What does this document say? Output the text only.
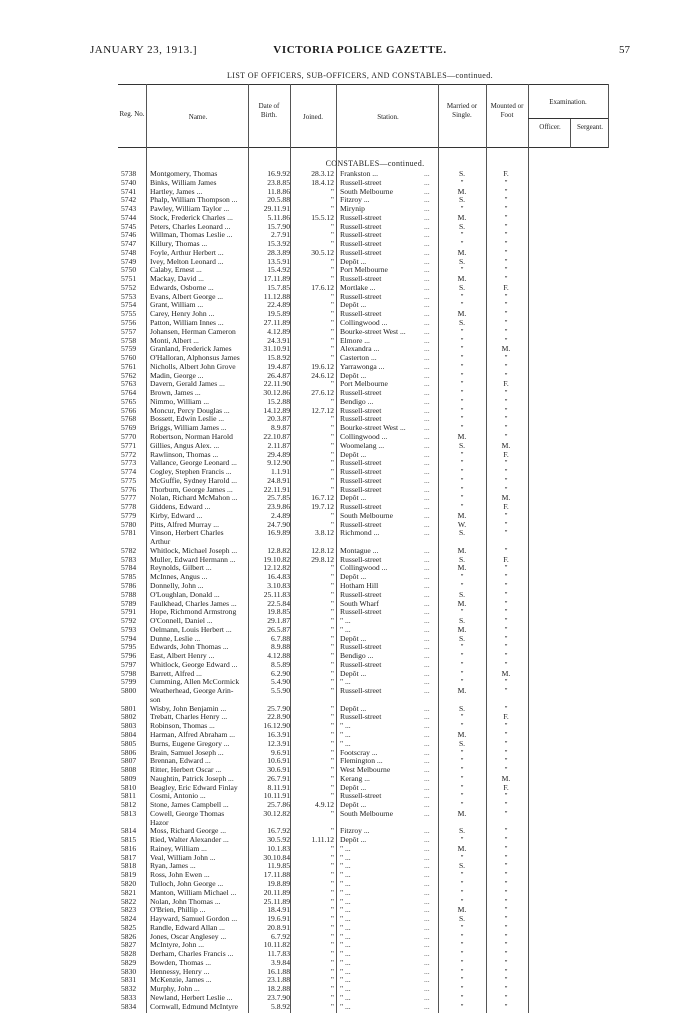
JANUARY 23, 1913.]	VICTORIA POLICE GAZETTE.	57
LIST OF OFFICERS, SUB-OFFICERS, AND CONSTABLES—continued.
Reg. No.	Name.
Date of Birth.	Joined.	Station.
Married or Single.
Mounted or Foot
Examination.
Officer.	Sergeant.
CONSTABLES—continued.
5738	Montgomery, Thomas	16.9.92	28.3.12 Frankston ...	S.	F.
...
5740	Binks, William James	23.8.85	18.4.12 Russell-street	"	"
...
5741	Hartley, James ...	11.8.86	" South Melbourne	M.	"
...
5742	Phalp, William Thompson ...	20.5.88	" Fitzroy ...	S.	"
...
5743	Pawley, William Taylor ...	29.11.91	" Mirynip	"	"
...
5744	Stock, Frederick Charles ...	5.11.86	15.5.12 Russell-street	M.	"
...
5745	Peters, Charles Leonard ...	15.7.90	" Russell-street	S.	"
...
5746	Willman, Thomas Leslie ...	2.7.91	" Russell-street	"	"
...
5747	Killury, Thomas ...	15.3.92	" Russell-street	"	"
...
5748	Foyle, Arthur Herbert ...	28.3.89	30.5.12 Russell-street	M.	"
...
5749	Ivey, Melton Leonard ...	13.5.91	" Depôt ...	S.	"
...
5750	Calaby, Ernest ...	15.4.92	" Port Melbourne	"	"
...
5751	Mackay, David ...	17.11.89	" Russell-street	M.	"
...
5752	Edwards, Osborne ...	15.7.85	17.6.12 Mortlake ...	S.	F.
...
5753	Evans, Albert George ...	11.12.88	" Russell-street	"	"
...
5754	Grant, William ...	22.4.89	" Depôt ...	"	"
...
5755	Carey, Henry John ...	19.5.89	" Russell-street	M.	"
...
5756	Patton, William Innes ...	27.11.89	" Collingwood ...	S.	"
...
5757	Johansen, Herman Cameron	4.12.89	" Bourke-street West ...	"	"
...
5758	Monti, Albert ...	24.3.91	" Elmore ...	"	"
...
5759	Granland, Frederick James	31.10.91	" Alexandra ...	"	M.
...
5760	O'Halloran, Alphonsus James	15.8.92	" Casterton ...	"	"
...
5761	Nicholls, Albert John Grove	19.4.87	19.6.12 Yarrawonga ...	"	"
...
5762	Madin, George ...	26.4.87	24.6.12 Depôt ...	"	"
...
5763	Davern, Gerald James ...	22.11.90	" Port Melbourne	"	F.
...
5764	Brown, James ...	30.12.86	27.6.12 Russell-street	"	"
...
5765	Nimmo, William ...	15.2.88	" Bendigo ...	"	"
...
5766	Moncur, Percy Douglas ...	14.12.89	12.7.12 Russell-street	"	"
...
5768	Bossett, Edwin Leslie ...	20.3.87	" Russell-street	"	"
...
5769	Briggs, William James ...	8.9.87	" Bourke-street West ...	"	"
...
5770	Robertson, Norman Harold	22.10.87	" Collingwood ...	M.	"
...
5771	Gillies, Angus Alex. ...	2.11.87	" Woomelang ...	S.	M.
...
5772	Rawlinson, Thomas ...	29.4.89	" Depôt ...	"	F.
...
5773	Vallance, George Leonard ...	9.12.90	" Russell-street	"	"
...
5774	Cogley, Stephen Francis ...	1.1.91	" Russell-street	"	"
...
5775	McGuffie, Sydney Harold ...	24.8.91	" Russell-street	"	"
...
5776	Thorburn, George James ...	22.11.91	" Russell-street	"	"
...
5777	Nolan, Richard McMahon ...	25.7.85	16.7.12 Depôt ...	"	M.
...
5778	Giddens, Edward ...	23.9.86	19.7.12 Russell-street	"	F.
...
5779	Kirby, Edward ...	2.4.89	" South Melbourne	M.	"
...
5780	Pitts, Alfred Murray ...	24.7.90	" Russell-street	W.	"
...
5781	Vinson, Herbert Charles	16.9.89	3.8.12 Richmond ...	S.	"
...
Arthur
5782	Whitlock, Michael Joseph ...	12.8.82	12.8.12 Montague ...	M.	"
...
5783	Muller, Edward Hermann ...	19.10.82	29.8.12 Russell-street	S.	F.
...
5784	Reynolds, Gilbert ...	12.12.82	" Collingwood ...	M.	"
...
5785	McInnes, Angus ...	16.4.83	" Depôt ...	"	"
...
5786	Donnelly, John ...	3.10.83	" Hotham Hill	"	"
...
5788	O'Loughlan, Donald ...	25.11.83	" Russell-street	S.	"
...
5789	Faulkhead, Charles James ...	22.5.84	" South Wharf	M.	"
...
5791	Hope, Richmond Armstrong	19.8.85	" Russell-street	"	"
...
5792	O'Connell, Daniel ...	29.1.87	" " ...	S.	"
...
5793	Oelmann, Louis Herbert ...	26.5.87	" " ...	M.	"
...
5794	Dunne, Leslie ...	6.7.88	" Depôt ...	S.	"
...
5795	Edwards, John Thomas ...	8.9.88	" Russell-street	"	"
...
5796	East, Albert Henry ...	4.12.88	" Bendigo ...	"	"
...
5797	Whitlock, George Edward ...	8.5.89	" Russell-street	"	"
...
5798	Barrett, Alfred ...	6.2.90	" Depôt ...	"	M.
...
5799	Cumming, Allen McCormick	5.4.90	" " ...	"	"
...
5800	Weatherhead, George Arin-	5.5.90	" Russell-street	M.	"
...
son
5801	Wisby, John Benjamin ...	25.7.90	" Depôt ...	S.	"
...
5802	Trebatt, Charles Henry ...	22.8.90	" Russell-street	"	F.
...
5803	Robinson, Thomas ...	16.12.90	" " ...	"	"
...
5804	Harman, Alfred Abraham ...	16.3.91	" " ...	M.	"
...
5805	Burns, Eugene Gregory ...	12.3.91	" " ...	S.	"
...
5806	Brain, Samuel Joseph ...	9.6.91	" Footscray ...	"	"
...
5807	Brennan, Edward ...	10.6.91	" Flemington ...	"	"
...
5808	Ritter, Herbert Oscar ...	30.6.91	" West Melbourne	"	"
...
5809	Naughtin, Patrick Joseph ...	26.7.91	" Kerang ...	"	M.
...
5810	Beagley, Eric Edward Finlay	8.11.91	" Depôt ...	"	F.
...
5811	Cosmi, Antonio ...	10.11.91	" Russell-street	"	"
...
5812	Stone, James Campbell ...	25.7.86	4.9.12 Depôt ...	"	"
...
5813	Cowell, George Thomas	30.12.82	" South Melbourne	M.	"
...
Hazor
5814	Moss, Richard George ...	16.7.92	" Fitzroy ...	S.	"
...
5815	Ried, Walter Alexander ...	30.5.92	1.11.12 Depôt ...	"	"
...
5816	Rainey, William ...	10.1.83	" " ...	M.	"
...
5817	Veal, William John ...	30.10.84	" " ...	"	"
...
5818	Ryan, James ...	11.9.85	" " ...	S.	"
...
5819	Ross, John Ewen ...	17.11.88	" " ...	"	"
...
5820	Tulloch, John George ...	19.8.89	" " ...	"	"
...
5821	Manton, William Michael ...	20.11.89	" " ...	"	"
...
5822	Nolan, John Thomas ...	25.11.89	" " ...	"	"
...
5823	O'Brien, Phillip ...	18.4.91	" " ...	M.	"
...
5824	Hayward, Samuel Gordon ...	19.6.91	" " ...	S.	"
...
5825	Randle, Edward Allan ...	20.8.91	" " ...	"	"
...
5826	Jones, Oscar Anglesey ...	6.7.92	" " ...	"	"
...
5827	McIntyre, John ...	10.11.82	" " ...	"	"
...
5828	Derham, Charles Francis ...	11.7.83	" " ...	"	"
...
5829	Bowden, Thomas ...	3.9.84	" " ...	"	"
...
5830	Hennessy, Henry ...	16.1.88	" " ...	"	"
...
5831	McKenzie, James ...	23.1.88	" " ...	"	"
...
5832	Murphy, John ...	18.2.88	" " ...	"	"
...
5833	Newland, Herbert Leslie ...	23.7.90	" " ...	"	"
...
5834	Cornwall, Edmund McIntyre	5.8.92	" " ...	"	"
...
